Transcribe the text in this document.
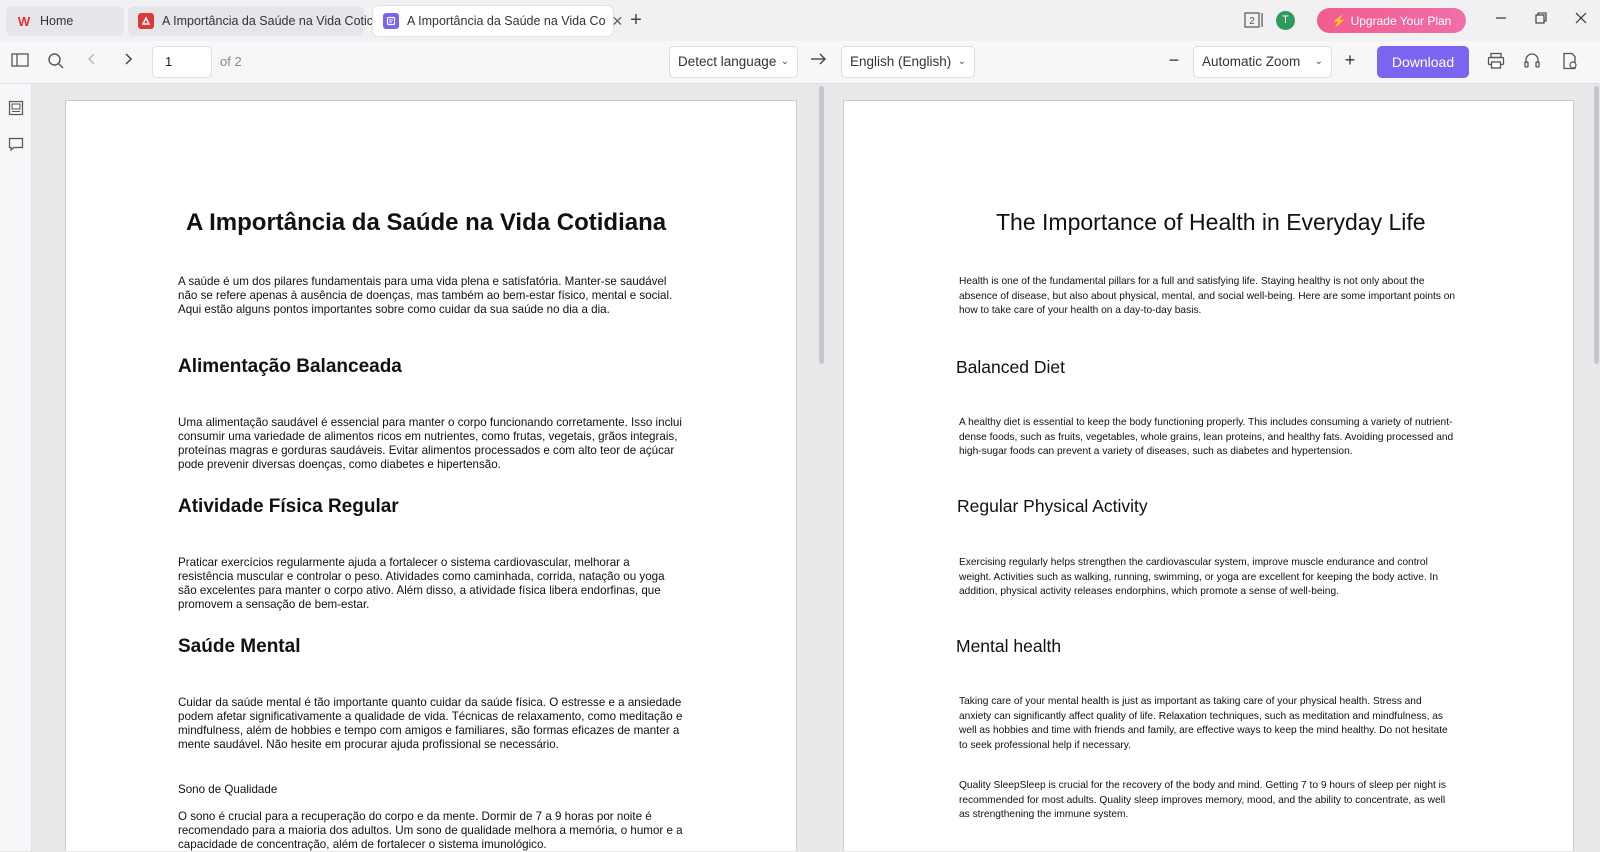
W Home	A Importância da Saúde na Vida Cotic	A Importância da Saúde na Vida Co ✕ +	2	T	⚡ Upgrade Your Plan
1	of 2	Detect language ⌄	English (English) ⌄	−	Automatic Zoom ⌄ +	Download
A Importância da Saúde na Vida Cotidiana
A saúde é um dos pilares fundamentais para uma vida plena e satisfatória. Manter-se saudável não se refere apenas à ausência de doenças, mas também ao bem-estar físico, mental e social. Aqui estão alguns pontos importantes sobre como cuidar da sua saúde no dia a dia.
Alimentação Balanceada
Uma alimentação saudável é essencial para manter o corpo funcionando corretamente. Isso inclui consumir uma variedade de alimentos ricos em nutrientes, como frutas, vegetais, grãos integrais, proteínas magras e gorduras saudáveis. Evitar alimentos processados e com alto teor de açúcar pode prevenir diversas doenças, como diabetes e hipertensão.
Atividade Física Regular
Praticar exercícios regularmente ajuda a fortalecer o sistema cardiovascular, melhorar a resistência muscular e controlar o peso. Atividades como caminhada, corrida, natação ou yoga são excelentes para manter o corpo ativo. Além disso, a atividade física libera endorfinas, que promovem a sensação de bem-estar.
Saúde Mental
Cuidar da saúde mental é tão importante quanto cuidar da saúde física. O estresse e a ansiedade podem afetar significativamente a qualidade de vida. Técnicas de relaxamento, como meditação e mindfulness, além de hobbies e tempo com amigos e familiares, são formas eficazes de manter a mente saudável. Não hesite em procurar ajuda profissional se necessário.
Sono de Qualidade
O sono é crucial para a recuperação do corpo e da mente. Dormir de 7 a 9 horas por noite é recomendado para a maioria dos adultos. Um sono de qualidade melhora a memória, o humor e a capacidade de concentração, além de fortalecer o sistema imunológico.
The Importance of Health in Everyday Life
Health is one of the fundamental pillars for a full and satisfying life. Staying healthy is not only about the absence of disease, but also about physical, mental, and social well-being. Here are some important points on how to take care of your health on a day-to-day basis.
Balanced Diet
A healthy diet is essential to keep the body functioning properly. This includes consuming a variety of nutrient-dense foods, such as fruits, vegetables, whole grains, lean proteins, and healthy fats. Avoiding processed and high-sugar foods can prevent a variety of diseases, such as diabetes and hypertension.
Regular Physical Activity
Exercising regularly helps strengthen the cardiovascular system, improve muscle endurance and control weight. Activities such as walking, running, swimming, or yoga are excellent for keeping the body active. In addition, physical activity releases endorphins, which promote a sense of well-being.
Mental health
Taking care of your mental health is just as important as taking care of your physical health. Stress and anxiety can significantly affect quality of life. Relaxation techniques, such as meditation and mindfulness, as well as hobbies and time with friends and family, are effective ways to keep the mind healthy. Do not hesitate to seek professional help if necessary.
Quality SleepSleep is crucial for the recovery of the body and mind. Getting 7 to 9 hours of sleep per night is recommended for most adults. Quality sleep improves memory, mood, and the ability to concentrate, as well as strengthening the immune system.
